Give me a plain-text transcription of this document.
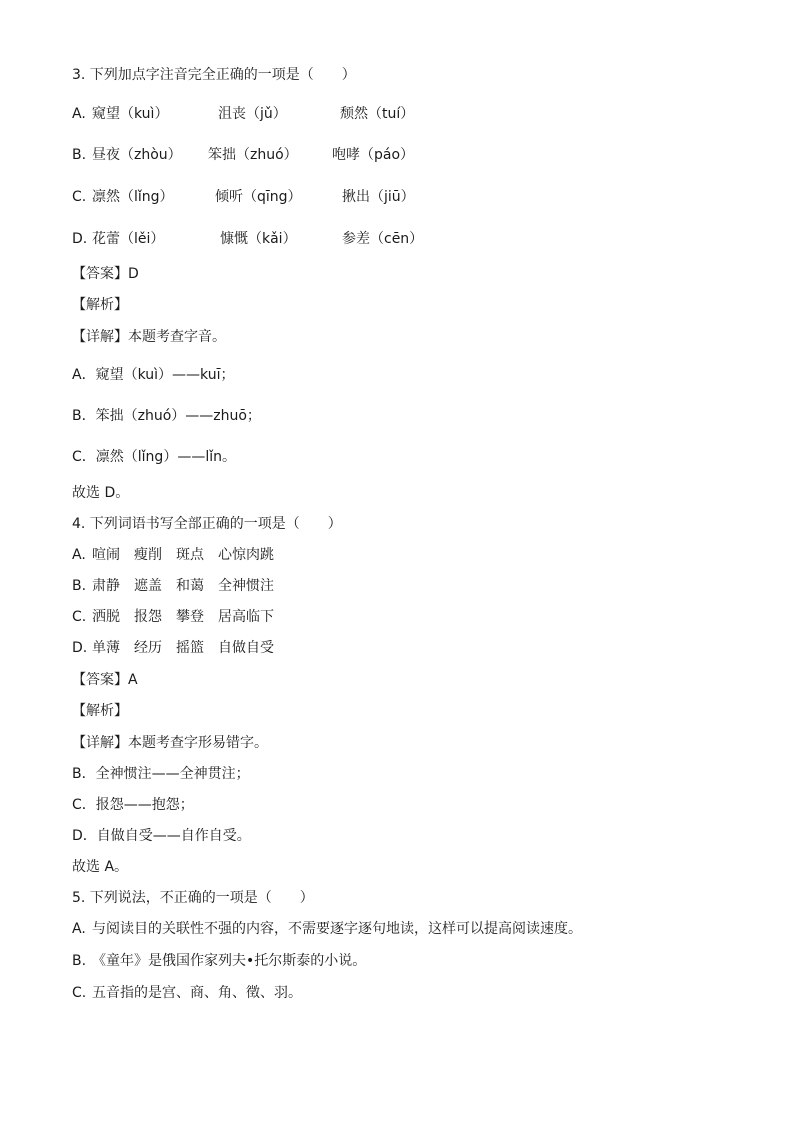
3. 下列加点字注音完全正确的一项是（　　）
A. 窥望（kuì）	沮丧（jǔ）	颓然（tuí）
B. 昼夜（zhòu） 笨拙（zhuó） 咆哮（páo）
C. 凛然（lǐng）	倾听（qīng）	揪出（jiū）
D. 花蕾（lěi）	慷慨（kǎi）	参差（cēn）
【答案】D
【解析】
【详解】本题考查字音。
A．窥望（kuì）——kuī；
B．笨拙（zhuó）——zhuō；
C．凛然（lǐng）——lǐn。
故选 D。
4. 下列词语书写全部正确的一项是（　　）
A. 喧闹　瘦削　斑点　心惊肉跳
B. 肃静　遮盖　和蔼　全神惯注
C. 洒脱　报怨　攀登　居高临下
D. 单薄　经历　摇篮　自做自受
【答案】A
【解析】
【详解】本题考查字形易错字。
B．全神惯注——全神贯注；
C．报怨——抱怨；
D．自做自受——自作自受。
故选 A。
5. 下列说法，不正确的一项是（　　）
A. 与阅读目的关联性不强的内容，不需要逐字逐句地读，这样可以提高阅读速度。
B. 《童年》是俄国作家列夫•托尔斯泰的小说。
C. 五音指的是宫、商、角、徵、羽。
